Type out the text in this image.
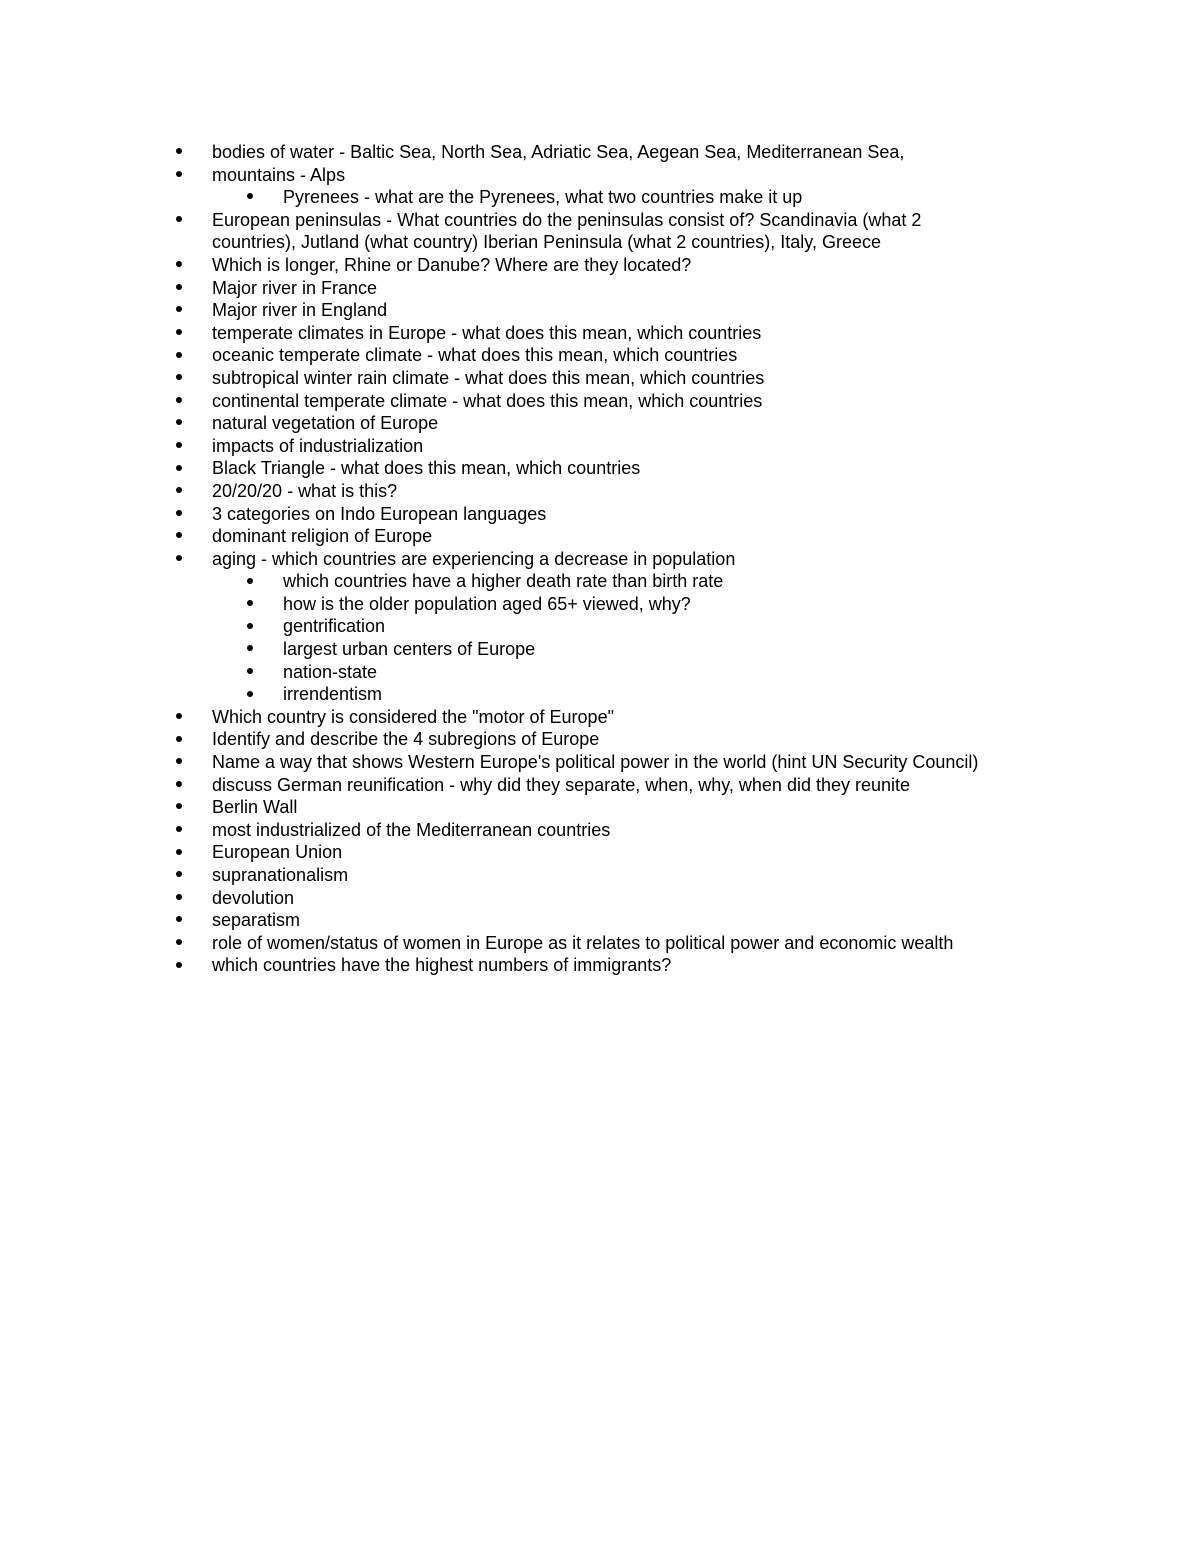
bodies of water - Baltic Sea, North Sea, Adriatic Sea, Aegean Sea, Mediterranean Sea,
mountains - Alps
Pyrenees - what are the Pyrenees, what two countries make it up
European peninsulas - What countries do the peninsulas consist of? Scandinavia (what 2 countries), Jutland (what country) Iberian Peninsula (what 2 countries), Italy, Greece
Which is longer, Rhine or Danube? Where are they located?
Major river in France
Major river in England
temperate climates in Europe - what does this mean, which countries
oceanic temperate climate - what does this mean, which countries
subtropical winter rain climate - what does this mean, which countries
continental temperate climate - what does this mean, which countries
natural vegetation of Europe
impacts of industrialization
Black Triangle - what does this mean, which countries
20/20/20 - what is this?
3 categories on Indo European languages
dominant religion of Europe
aging - which countries are experiencing a decrease in population
which countries have a higher death rate than birth rate
how is the older population aged 65+ viewed, why?
gentrification
largest urban centers of Europe
nation-state
irrendentism
Which country is considered the "motor of Europe"
Identify and describe the 4 subregions of Europe
Name a way that shows Western Europe's political power in the world (hint UN Security Council)
discuss German reunification - why did they separate, when, why, when did they reunite
Berlin Wall
most industrialized of the Mediterranean countries
European Union
supranationalism
devolution
separatism
role of women/status of women in Europe as it relates to political power and economic wealth
which countries have the highest numbers of immigrants?
